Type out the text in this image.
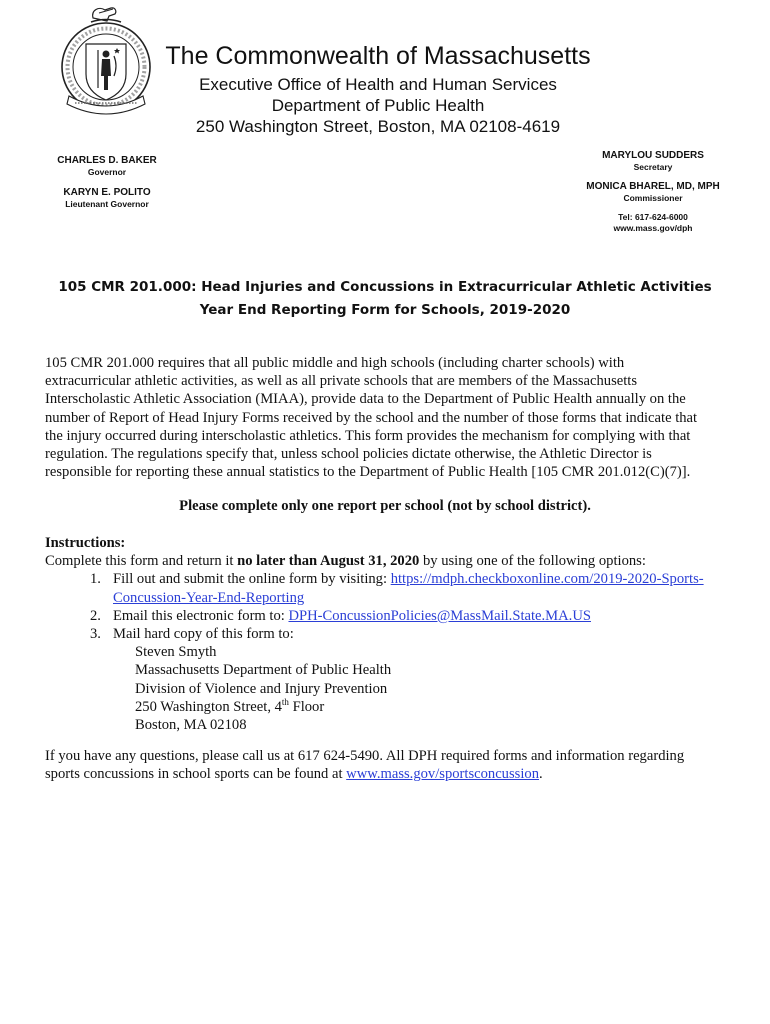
The Commonwealth of Massachusetts
Executive Office of Health and Human Services
Department of Public Health
250 Washington Street, Boston, MA 02108-4619
CHARLES D. BAKER
Governor
KARYN E. POLITO
Lieutenant Governor
MARYLOU SUDDERS
Secretary
MONICA BHAREL, MD, MPH
Commissioner
Tel: 617-624-6000
www.mass.gov/dph
105 CMR 201.000: Head Injuries and Concussions in Extracurricular Athletic Activities
Year End Reporting Form for Schools, 2019-2020
105 CMR 201.000 requires that all public middle and high schools (including charter schools) with
extracurricular athletic activities, as well as all private schools that are members of the Massachusetts
Interscholastic Athletic Association (MIAA), provide data to the Department of Public Health annually on the
number of Report of Head Injury Forms received by the school and the number of those forms that indicate that
the injury occurred during interscholastic athletics. This form provides the mechanism for complying with that
regulation. The regulations specify that, unless school policies dictate otherwise, the Athletic Director is
responsible for reporting these annual statistics to the Department of Public Health [105 CMR 201.012(C)(7)].
Please complete only one report per school (not by school district).
Instructions:
Complete this form and return it no later than August 31, 2020 by using one of the following options:
1. Fill out and submit the online form by visiting: https://mdph.checkboxonline.com/2019-2020-Sports-
Concussion-Year-End-Reporting
2. Email this electronic form to: DPH-ConcussionPolicies@MassMail.State.MA.US
3. Mail hard copy of this form to:
Steven Smyth
Massachusetts Department of Public Health
Division of Violence and Injury Prevention
250 Washington Street, 4th Floor
Boston, MA 02108
If you have any questions, please call us at 617 624-5490. All DPH required forms and information regarding
sports concussions in school sports can be found at www.mass.gov/sportsconcussion.
